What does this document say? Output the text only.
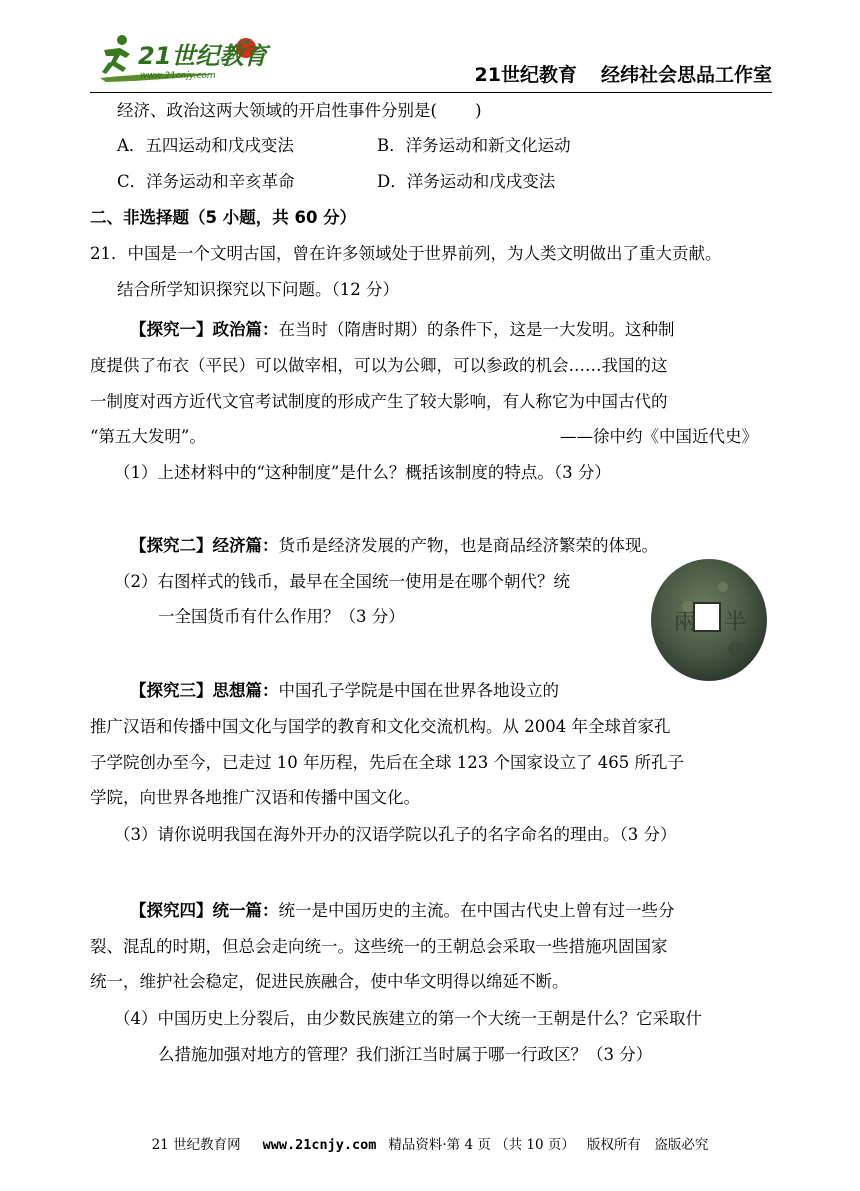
21世纪教育
www.21cnjy.com	21世纪教育 经纬社会思品工作室
经济、政治这两大领域的开启性事件分别是(　　 )
A．五四运动和戊戌变法	B．洋务运动和新文化运动
C．洋务运动和辛亥革命	D．洋务运动和戊戌变法
二、非选择题（5 小题，共 60 分）
21．中国是一个文明古国，曾在许多领域处于世界前列，为人类文明做出了重大贡献。
结合所学知识探究以下问题。（12 分）
【探究一】政治篇：在当时（隋唐时期）的条件下，这是一大发明。这种制
度提供了布衣（平民）可以做宰相，可以为公卿，可以参政的机会……我国的这
一制度对西方近代文官考试制度的形成产生了较大影响，有人称它为中国古代的
“第五大发明”。	——徐中约《中国近代史》
（1）上述材料中的“这种制度”是什么？概括该制度的特点。（3 分）
【探究二】经济篇：货币是经济发展的产物，也是商品经济繁荣的体现。
（2）右图样式的钱币，最早在全国统一使用是在哪个朝代？统
一全国货币有什么作用？（3 分）	兩 半
【探究三】思想篇：中国孔子学院是中国在世界各地设立的
推广汉语和传播中国文化与国学的教育和文化交流机构。从 2004 年全球首家孔
子学院创办至今，已走过 10 年历程，先后在全球 123 个国家设立了 465 所孔子
学院，向世界各地推广汉语和传播中国文化。
（3）请你说明我国在海外开办的汉语学院以孔子的名字命名的理由。（3 分）
【探究四】统一篇：统一是中国历史的主流。在中国古代史上曾有过一些分
裂、混乱的时期，但总会走向统一。这些统一的王朝总会采取一些措施巩固国家
统一，维护社会稳定，促进民族融合，使中华文明得以绵延不断。
（4）中国历史上分裂后，由少数民族建立的第一个大统一王朝是什么？它采取什
么措施加强对地方的管理？我们浙江当时属于哪一行政区？（3 分）
21 世纪教育网 www.21cnjy.com 精品资料·第 4 页 （共 10 页） 版权所有　盗版必究
